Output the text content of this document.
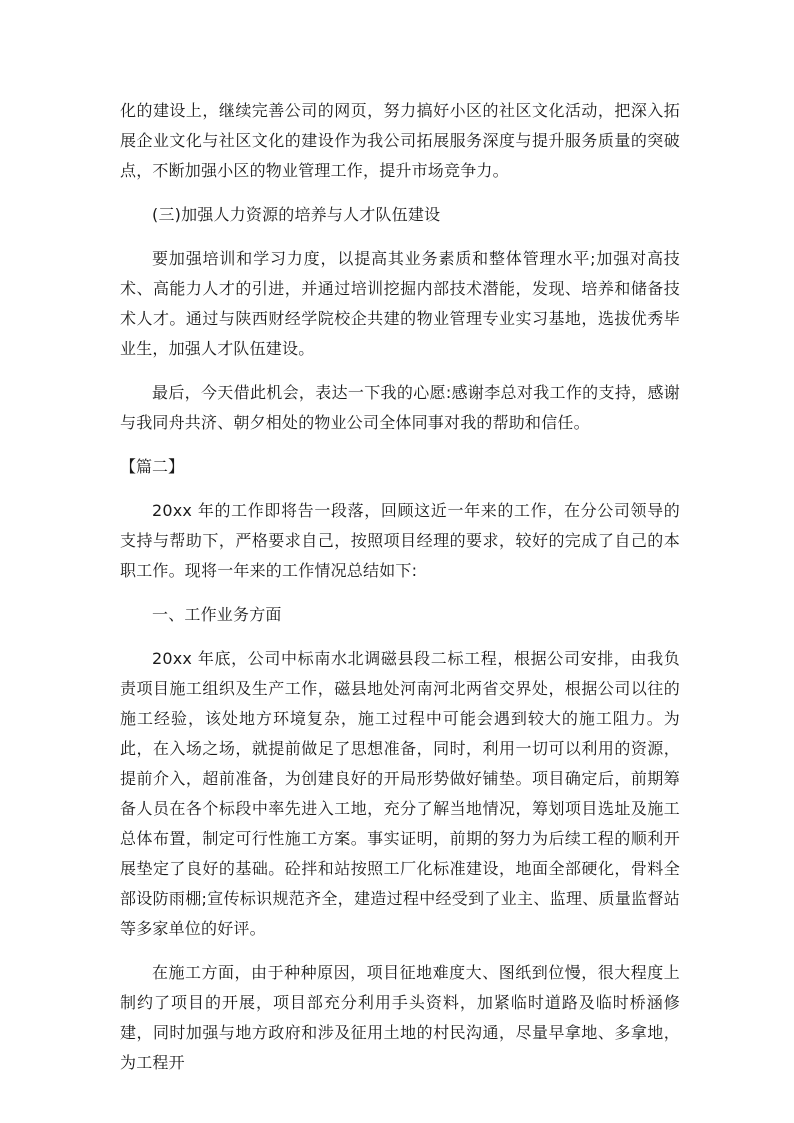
化的建设上，继续完善公司的网页，努力搞好小区的社区文化活动，把深入拓展企业文化与社区文化的建设作为我公司拓展服务深度与提升服务质量的突破点，不断加强小区的物业管理工作，提升市场竞争力。

(三)加强人力资源的培养与人才队伍建设

要加强培训和学习力度，以提高其业务素质和整体管理水平;加强对高技术、高能力人才的引进，并通过培训挖掘内部技术潜能，发现、培养和储备技术人才。通过与陕西财经学院校企共建的物业管理专业实习基地，选拔优秀毕业生，加强人才队伍建设。

最后，今天借此机会，表达一下我的心愿:感谢李总对我工作的支持，感谢与我同舟共济、朝夕相处的物业公司全体同事对我的帮助和信任。

【篇二】

20xx 年的工作即将告一段落，回顾这近一年来的工作，在分公司领导的支持与帮助下，严格要求自己，按照项目经理的要求，较好的完成了自己的本职工作。现将一年来的工作情况总结如下:

一、工作业务方面

20xx 年底，公司中标南水北调磁县段二标工程，根据公司安排，由我负责项目施工组织及生产工作，磁县地处河南河北两省交界处，根据公司以往的施工经验，该处地方环境复杂，施工过程中可能会遇到较大的施工阻力。为此，在入场之场，就提前做足了思想准备，同时，利用一切可以利用的资源，提前介入，超前准备，为创建良好的开局形势做好铺垫。项目确定后，前期筹备人员在各个标段中率先进入工地，充分了解当地情况，筹划项目选址及施工总体布置，制定可行性施工方案。事实证明，前期的努力为后续工程的顺利开展垫定了良好的基础。砼拌和站按照工厂化标准建设，地面全部硬化，骨料全部设防雨棚;宣传标识规范齐全，建造过程中经受到了业主、监理、质量监督站等多家单位的好评。

在施工方面，由于种种原因，项目征地难度大、图纸到位慢，很大程度上制约了项目的开展，项目部充分利用手头资料，加紧临时道路及临时桥涵修建，同时加强与地方政府和涉及征用土地的村民沟通，尽量早拿地、多拿地，为工程开
